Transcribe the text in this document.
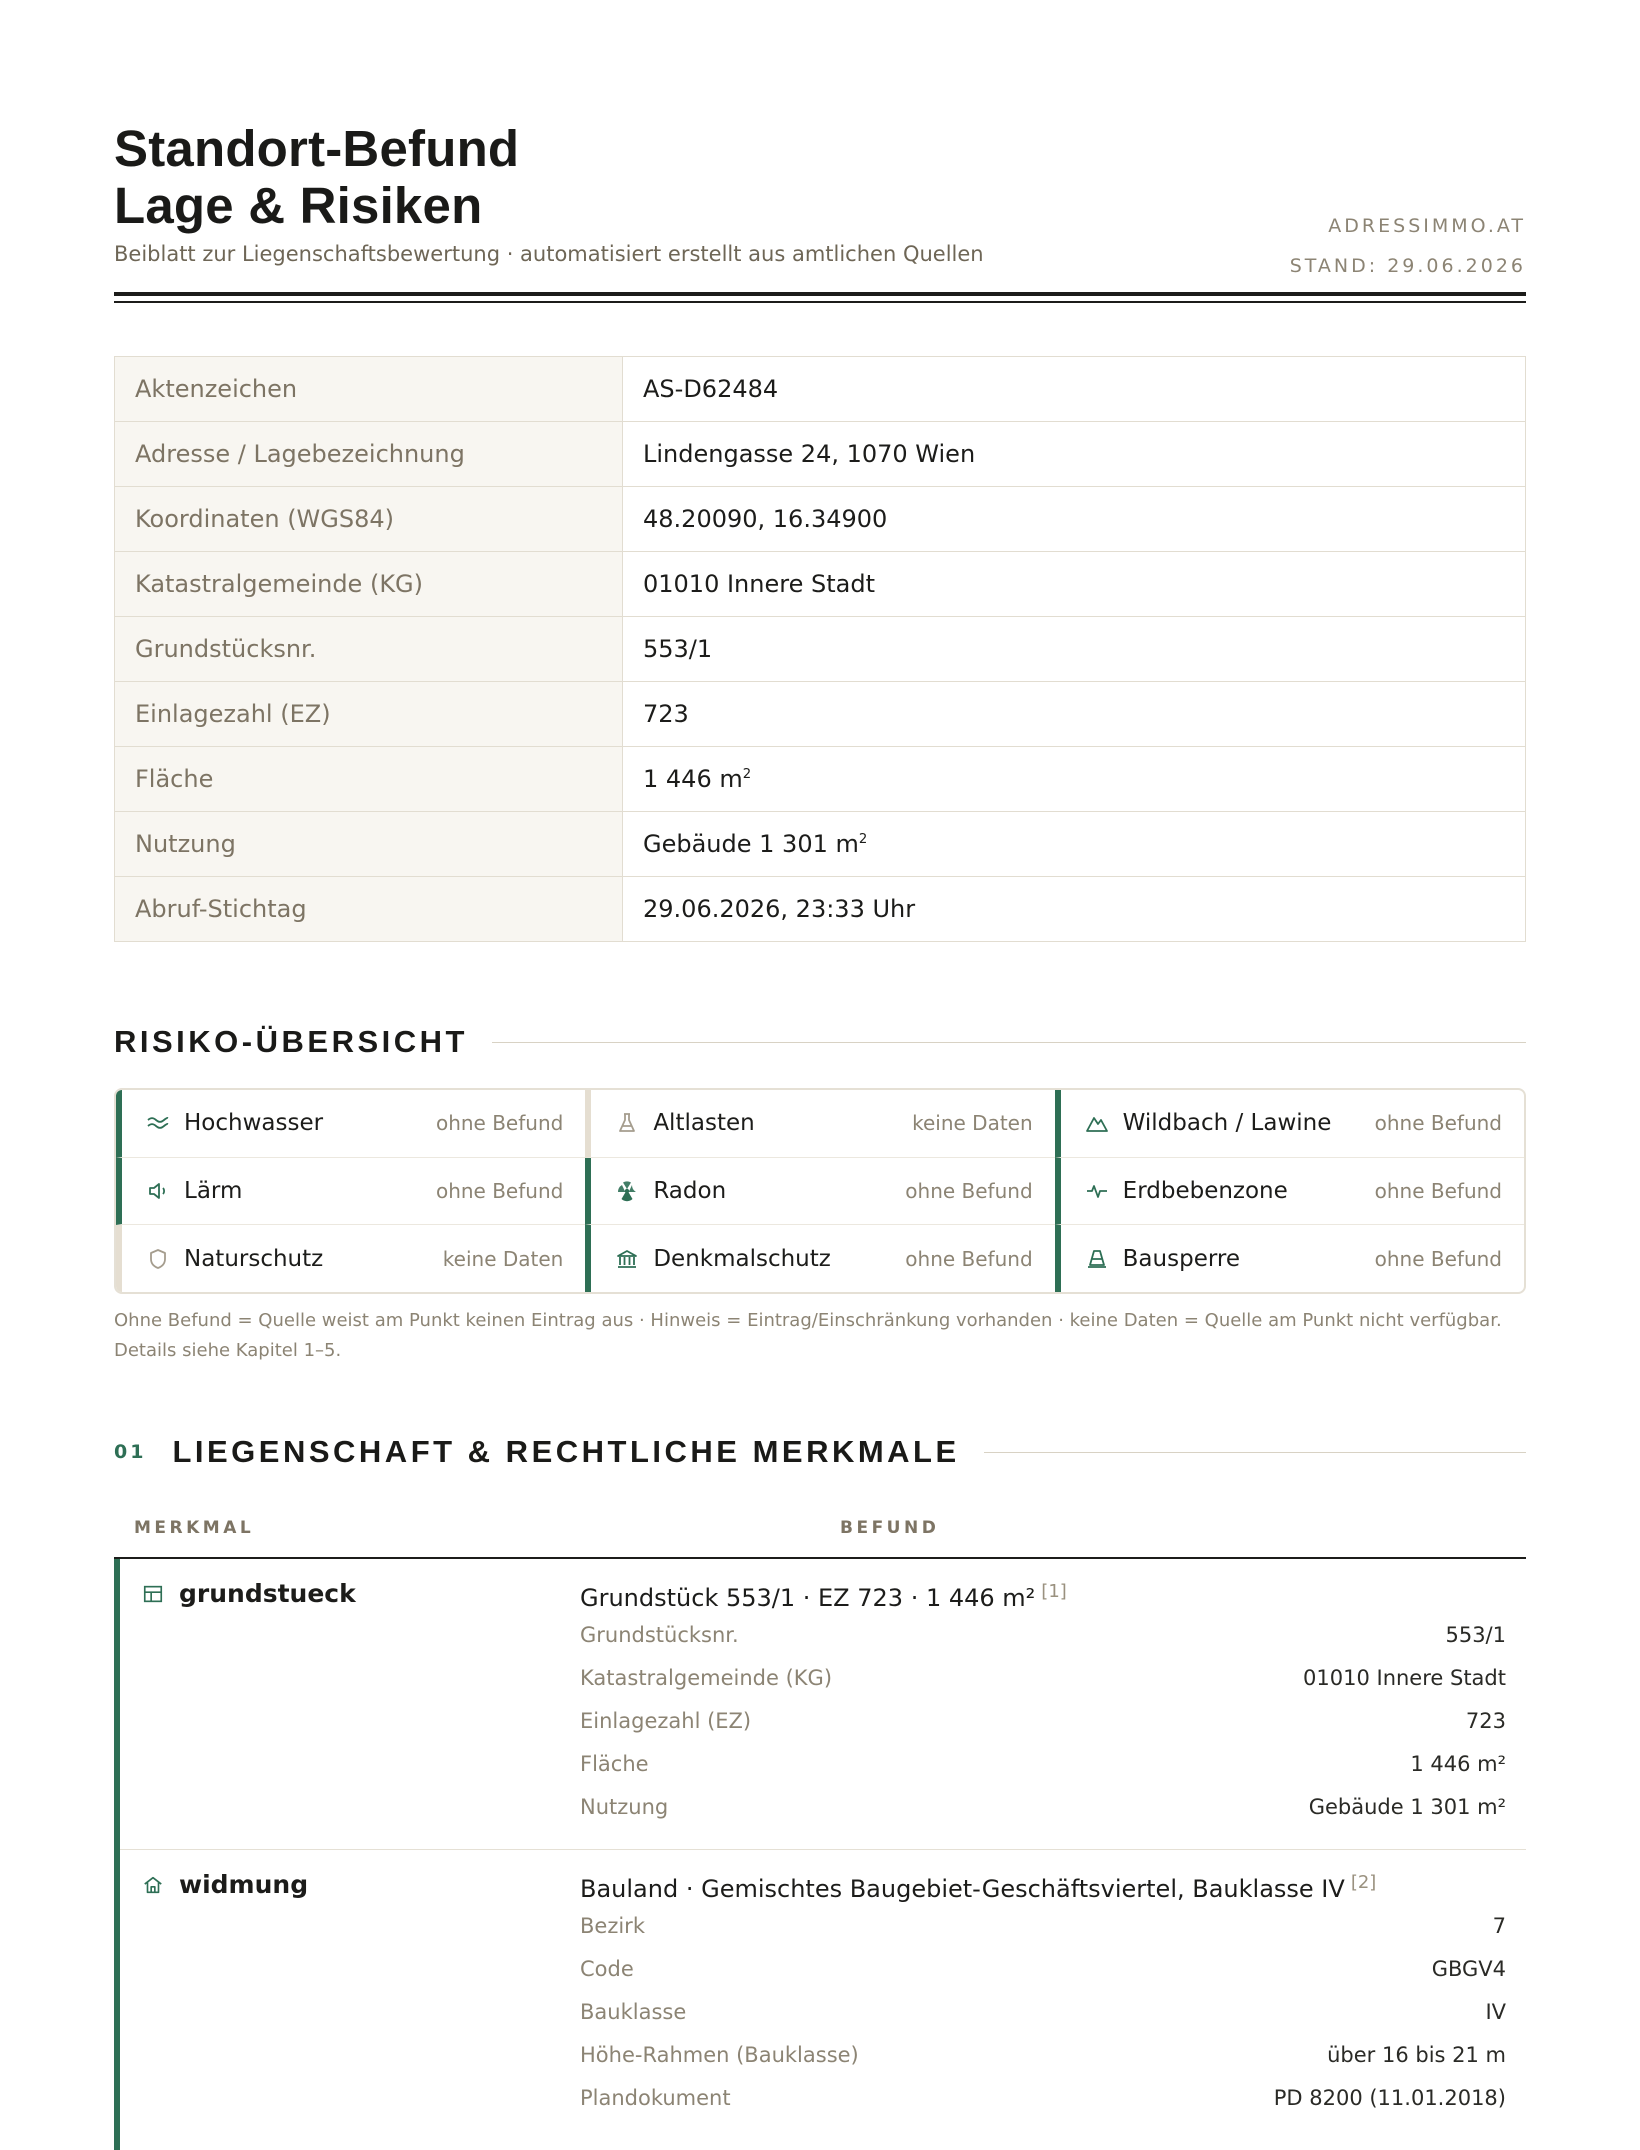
Standort-Befund
Lage & Risiken
Beiblatt zur Liegenschaftsbewertung · automatisiert erstellt aus amtlichen Quellen
ADRESSIMMO.AT
STAND: 29.06.2026
Aktenzeichen	AS-D62484
Adresse / Lagebezeichnung	Lindengasse 24, 1070 Wien
Koordinaten (WGS84)	48.20090, 16.34900
Katastralgemeinde (KG)	01010 Innere Stadt
Grundstücksnr.	553/1
Einlagezahl (EZ)	723
Fläche	1 446 $m^2$
Nutzung	Gebäude 1 301 $m^2$
Abruf-Stichtag	29.06.2026, 23:33 Uhr
RISIKO-ÜBERSICHT
Hochwasser	ohne Befund	Altlasten	keine Daten	Wildbach / Lawine	ohne Befund
Lärm	ohne Befund	Radon	ohne Befund	Erdbebenzone	ohne Befund
Naturschutz	keine Daten	Denkmalschutz	ohne Befund	Bausperre	ohne Befund
Ohne Befund = Quelle weist am Punkt keinen Eintrag aus · Hinweis = Eintrag/Einschränkung vorhanden · keine Daten = Quelle am Punkt nicht verfügbar. Details siehe Kapitel 1–5.
01 LIEGENSCHAFT & RECHTLICHE MERKMALE
MERKMAL	BEFUND
grundstueck	Grundstück 553/1 · EZ 723 · 1 446 m² [1]
Grundstücksnr.	553/1
Katastralgemeinde (KG)	01010 Innere Stadt
Einlagezahl (EZ)	723
Fläche	1 446 m²
Nutzung	Gebäude 1 301 m²
widmung	Bauland · Gemischtes Baugebiet-Geschäftsviertel, Bauklasse IV [2]
Bezirk	7
Code	GBGV4
Bauklasse	IV
Höhe-Rahmen (Bauklasse)	über 16 bis 21 m
Plandokument	PD 8200 (11.01.2018)
